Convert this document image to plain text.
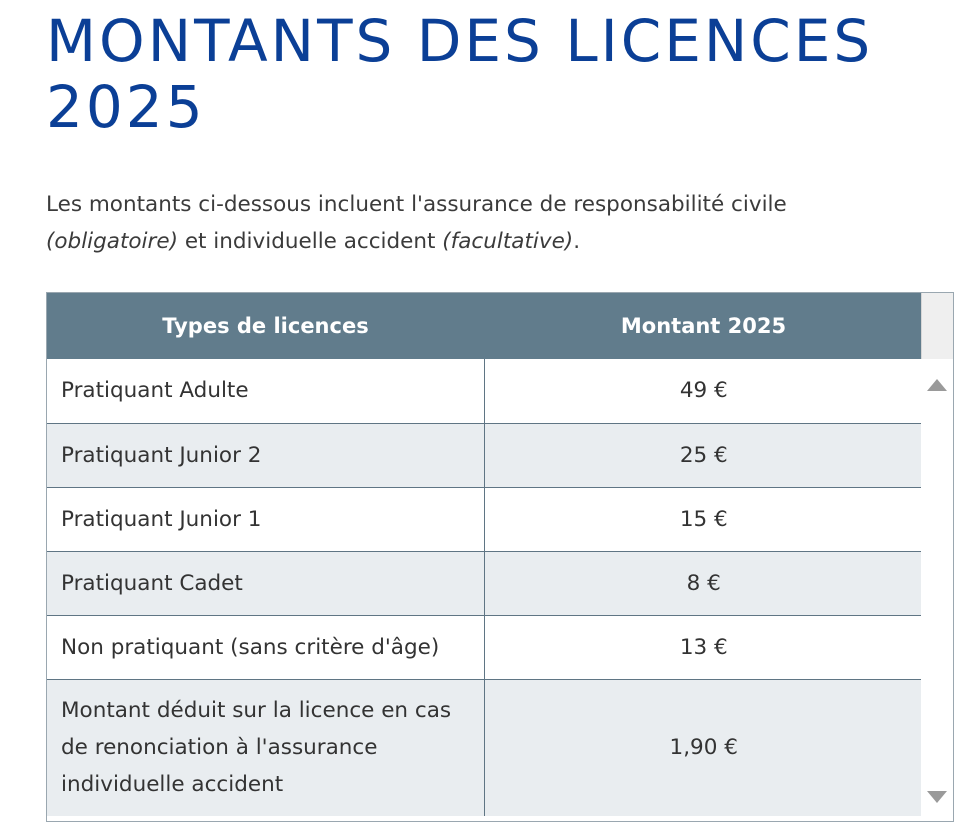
MONTANTS DES LICENCES
2025

Les montants ci-dessous incluent l'assurance de responsabilité civile
(obligatoire) et individuelle accident (facultative).

Types de licences	Montant 2025
Pratiquant Adulte	49 €
Pratiquant Junior 2	25 €
Pratiquant Junior 1	15 €
Pratiquant Cadet	8 €
Non pratiquant (sans critère d'âge)	13 €
Montant déduit sur la licence en cas de renonciation à l'assurance individuelle accident	1,90 €
